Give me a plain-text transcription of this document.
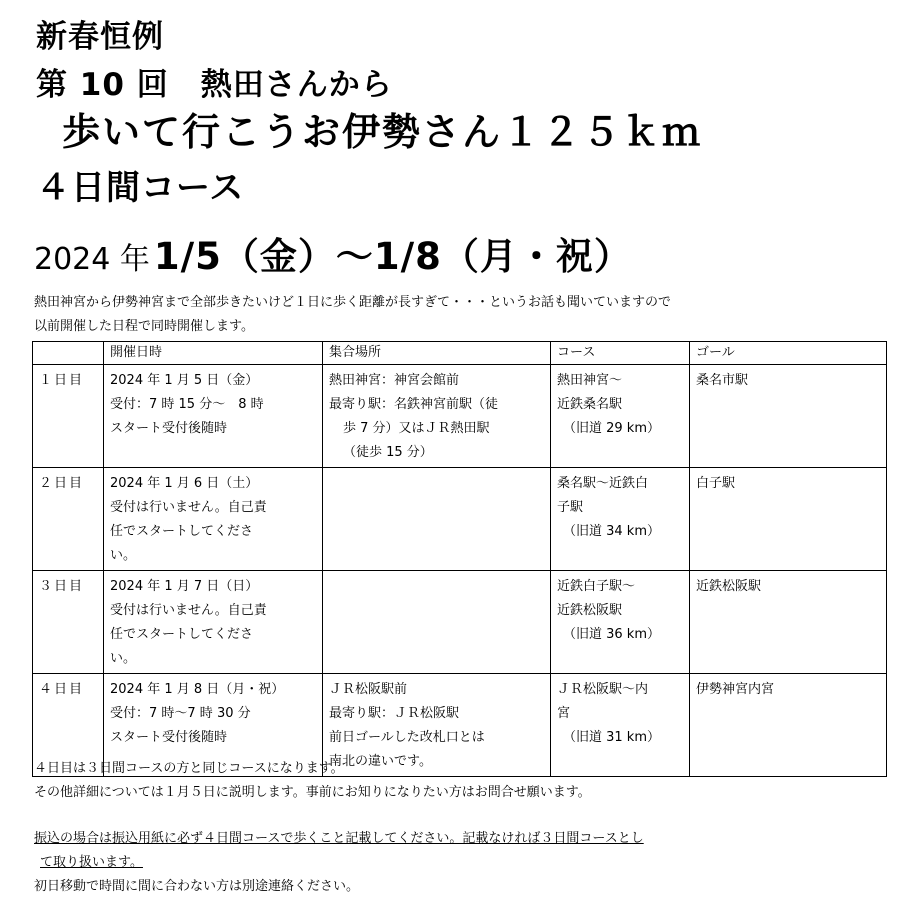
新春恒例
第 10 回　熱田さんから
歩いて行こうお伊勢さん１２５ｋｍ
４日間コース
2024 年 1/5（金）～1/8（月・祝）
熱田神宮から伊勢神宮まで全部歩きたいけど１日に歩く距離が長すぎて・・・というお話も聞いていますので
以前開催した日程で同時開催します。
	開催日時	集合場所	コース	ゴール
１日目	2024 年 1 月 5 日（金）
受付：7 時 15 分～　8 時
スタート受付後随時	熱田神宮：神宮会館前
最寄り駅：名鉄神宮前駅（徒
歩 7 分）又はＪＲ熱田駅
（徒歩 15 分）	熱田神宮～
近鉄桑名駅
（旧道 29 km）	桑名市駅
２日目	2024 年 1 月 6 日（土）
受付は行いません。自己責
任でスタートしてくださ
い。		桑名駅～近鉄白
子駅
（旧道 34 km）	白子駅
３日目	2024 年 1 月 7 日（日）
受付は行いません。自己責
任でスタートしてくださ
い。		近鉄白子駅～
近鉄松阪駅
（旧道 36 km）	近鉄松阪駅
４日目	2024 年 1 月 8 日（月・祝）
受付：7 時～7 時 30 分
スタート受付後随時	ＪＲ松阪駅前
最寄り駅：ＪＲ松阪駅
前日ゴールした改札口とは
南北の違いです。	ＪＲ松阪駅～内
宮
（旧道 31 km）	伊勢神宮内宮
４日目は３日間コースの方と同じコースになります。
その他詳細については１月５日に説明します。事前にお知りになりたい方はお問合せ願います。
振込の場合は振込用紙に必ず４日間コースで歩くこと記載してください。記載なければ３日間コースとし
て取り扱います。
初日移動で時間に間に合わない方は別途連絡ください。
